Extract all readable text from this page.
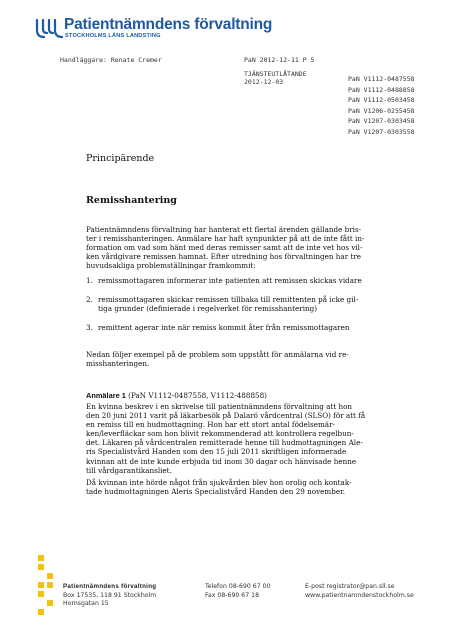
Patientnämndens förvaltning
STOCKHOLMS LÄNS LANDSTING
Handläggare: Renate Cremer	PaN 2012-12-11 P 5
TJÄNSTEUTLÅTANDE
2012-12-03	PaN V1112-0487558
PaN V1112-0488858
PaN V1112-0503458
PaN V1206-0255458
PaN V1207-0303458
PaN V1207-0303558
Principärende
Remisshantering

Patientnämndens förvaltning har hanterat ett flertal ärenden gällande bris-

ter i remisshanteringen. Anmälare har haft synpunkter på att de inte fått in-

formation om vad som hänt med deras remisser samt att de inte vet hos vil-

ken vårdgivare remissen hamnat. Efter utredning hos förvaltningen har tre

huvudsakliga problemställningar framkommit:

1. remissmottagaren informerar inte patienten att remissen skickas vidare
2. remissmottagaren skickar remissen tillbaka till remittenten på icke gil-
tiga grunder (definierade i regelverket för remisshantering)
3. remittent agerar inte när remiss kommit åter från remissmottagaren

Nedan följer exempel på de problem som uppstått för anmälarna vid re-

misshanteringen.

Anmälare 1 (PaN V1112-0487558, V1112-488858)

En kvinna beskrev i en skrivelse till patientnämndens förvaltning att hon

den 20 juni 2011 varit på läkarbesök på Dalarö vårdcentral (SLSO) för att få

en remiss till en hudmottagning. Hon har ett stort antal födelsemär-

ken/leverfläckar som hon blivit rekommenderad att kontrollera regelbun-

det. Läkaren på vårdcentralen remitterade henne till hudmottagningen Ale-

ris Specialistvård Handen som den 15 juli 2011 skriftligen informerade

kvinnan att de inte kunde erbjuda tid inom 30 dagar och hänvisade henne

till vårdgarantikansliet.

Då kvinnan inte hörde något från sjukvården blev hon orolig och kontak-

tade hudmottagningen Aleris Specialistvård Handen den 29 november.

Patientnämndens förvaltning
Box 17535, 118 91 Stockholm
Hornsgatan 15
Telefon 08-690 67 00
Fax 08-690 67 18
E-post registrator@pan.sll.se
www.patientnamndenstockholm.se
